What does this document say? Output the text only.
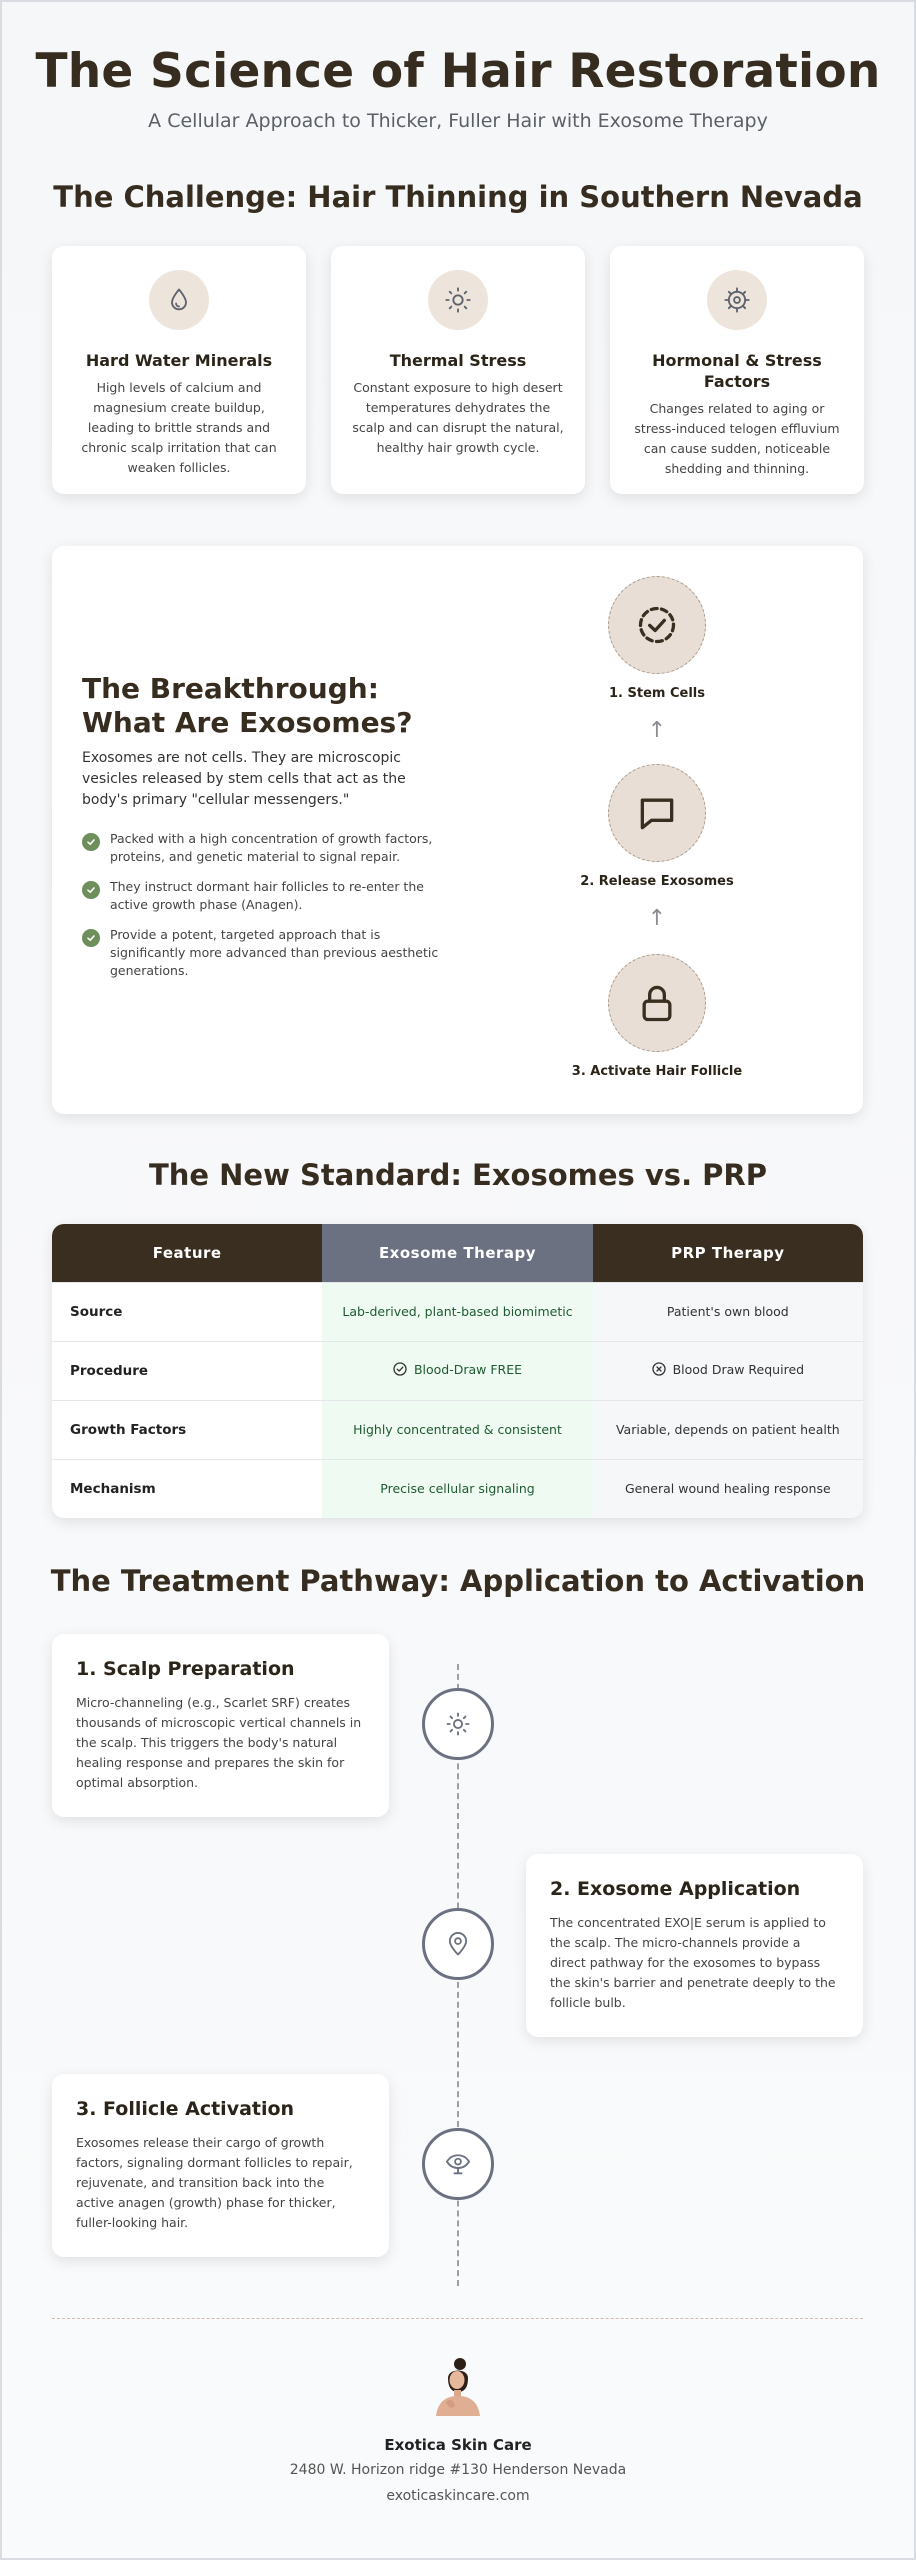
The Science of Hair Restoration

A Cellular Approach to Thicker, Fuller Hair with Exosome Therapy

The Challenge: Hair Thinning in Southern Nevada
Hard Water Minerals
High levels of calcium and magnesium create buildup, leading to brittle strands and chronic scalp irritation that can weaken follicles.
Thermal Stress
Constant exposure to high desert temperatures dehydrates the scalp and can disrupt the natural, healthy hair growth cycle.
Hormonal & Stress Factors
Changes related to aging or stress-induced telogen effluvium can cause sudden, noticeable shedding and thinning.
The Breakthrough: What Are Exosomes?

Exosomes are not cells. They are microscopic vesicles released by stem cells that act as the body's primary "cellular messengers."

Packed with a high concentration of growth factors, proteins, and genetic material to signal repair.
They instruct dormant hair follicles to re-enter the active growth phase (Anagen).
Provide a potent, targeted approach that is significantly more advanced than previous aesthetic generations.
1. Stem Cells
↑
2. Release Exosomes
↑
3. Activate Hair Follicle
The New Standard: Exosomes vs. PRP
Feature	Exosome Therapy	PRP Therapy
Source	Lab-derived, plant-based biomimetic	Patient's own blood
Procedure	Blood-Draw FREE	Blood Draw Required

Growth Factors	Highly concentrated & consistent	Variable, depends on patient health
Mechanism	Precise cellular signaling	General wound healing response
The Treatment Pathway: Application to Activation
1. Scalp Preparation
Micro-channeling (e.g., Scarlet SRF) creates thousands of microscopic vertical channels in the scalp. This triggers the body's natural healing response and prepares the skin for optimal absorption.
2. Exosome Application
The concentrated EXO|E serum is applied to the scalp. The micro-channels provide a direct pathway for the exosomes to bypass the skin's barrier and penetrate deeply to the follicle bulb.
3. Follicle Activation
Exosomes release their cargo of growth factors, signaling dormant follicles to repair, rejuvenate, and transition back into the active anagen (growth) phase for thicker, fuller-looking hair.
Exotica Skin Care
2480 W. Horizon ridge #130 Henderson Nevada
exoticaskincare.com
